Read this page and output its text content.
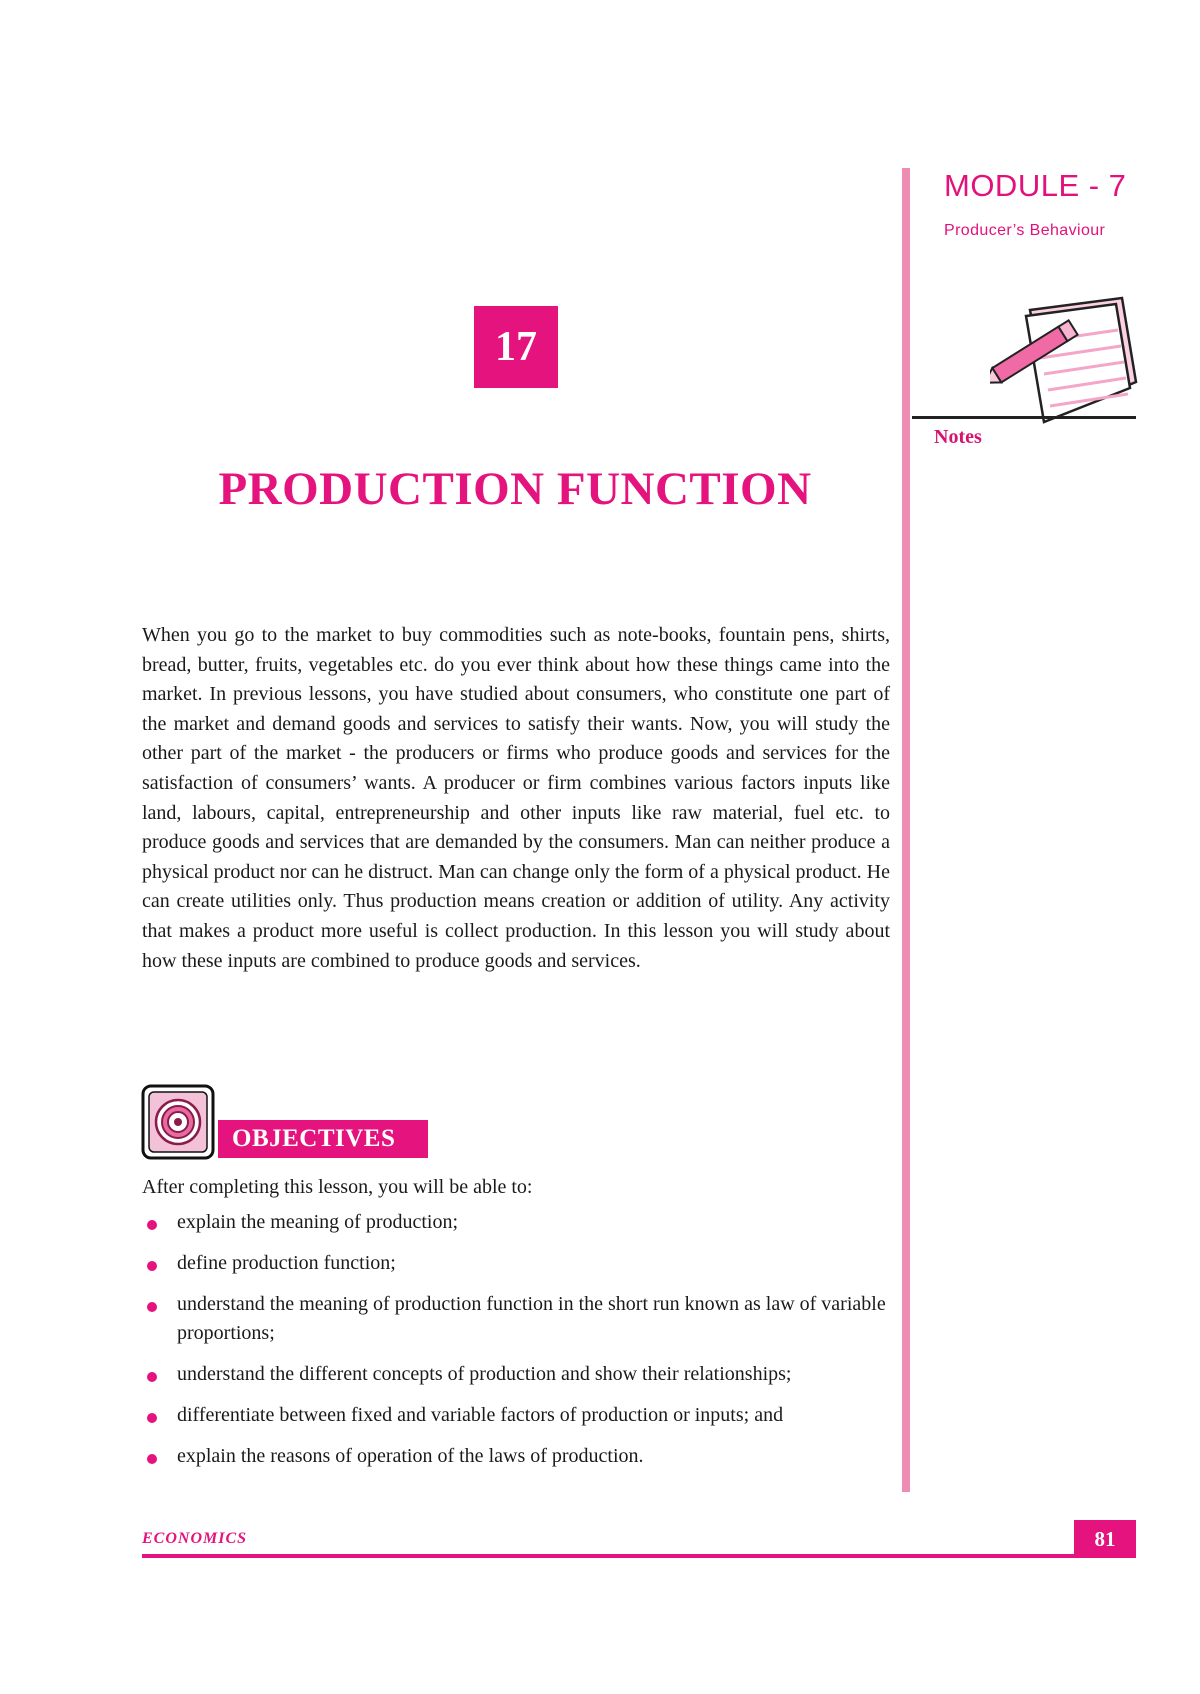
MODULE - 7
Producer’s Behaviour
Notes
17
PRODUCTION FUNCTION

When you go to the market to buy commodities such as note-books, fountain pens, shirts, bread, butter, fruits, vegetables etc. do you ever think about how these things came into the market. In previous lessons, you have studied about consumers, who constitute one part of the market and demand goods and services to satisfy their wants. Now, you will study the other part of the market - the producers or firms who produce goods and services for the satisfaction of consumers’ wants. A producer or firm combines various factors inputs like land, labours, capital, entrepreneurship and other inputs like raw material, fuel etc. to produce goods and services that are demanded by the consumers. Man can neither produce a physical product nor can he distruct. Man can change only the form of a physical product. He can create utilities only. Thus production means creation or addition of utility. Any activity that makes a product more useful is collect production. In this lesson you will study about how these inputs are combined to produce goods and services.

OBJECTIVES
After completing this lesson, you will be able to:
explain the meaning of production;
define production function;
understand the meaning of production function in the short run known as law of variable proportions;
understand the different concepts of production and show their relationships;
differentiate between fixed and variable factors of production or inputs; and
explain the reasons of operation of the laws of production.
ECONOMICS	81
